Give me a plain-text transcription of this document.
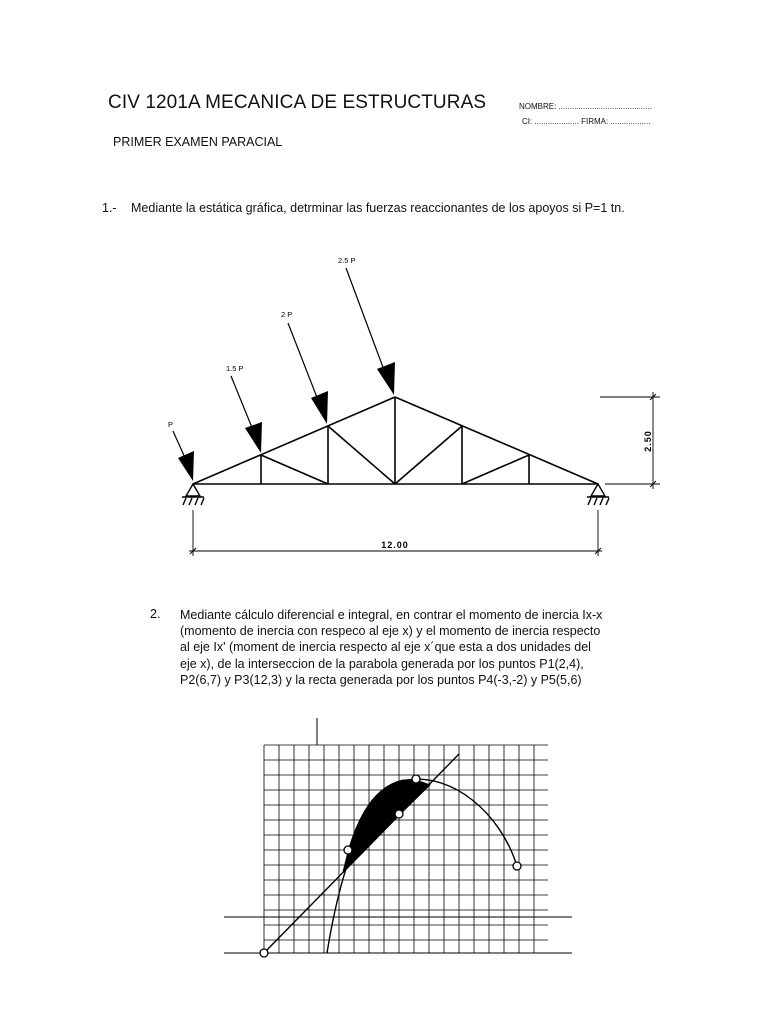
CIV 1201A MECANICA DE ESTRUCTURAS
PRIMER EXAMEN PARACIAL
NOMBRE: ..........................................
CI: .................... FIRMA: ..................
1.- Mediante la estática gráfica, detrminar las fuerzas reaccionantes de los apoyos si P=1 tn.
2. Mediante cálculo diferencial e integral, en contrar el momento de inercia Ix-x
(momento de inercia con respeco al eje x) y el momento de inercia respecto
al eje Ix' (moment de inercia respecto al eje x´que esta a dos unidades del
eje x), de la interseccion de la parabola generada por los puntos P1(2,4),
P2(6,7) y P3(12,3) y la recta generada por los puntos P4(-3,-2) y P5(5,6)
P
1.5 P
2 P
2.5 P
2.50
12.00
